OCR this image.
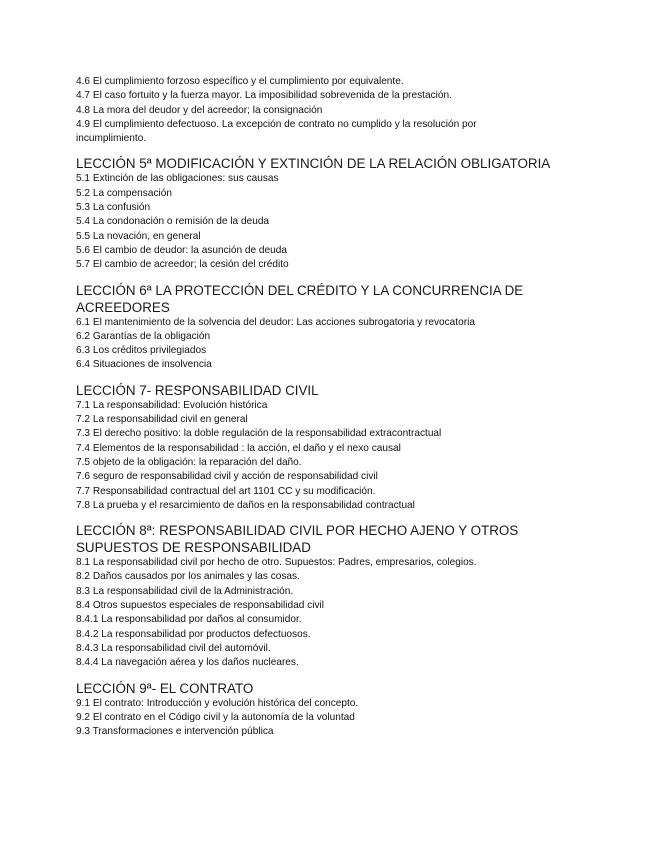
4.6 El cumplimiento forzoso específico y el cumplimiento por equivalente.
4.7 El caso fortuito y la fuerza mayor. La imposibilidad sobrevenida de la prestación.
4.8 La mora del deudor y del acreedor; la consignación
4.9 El cumplimiento defectuoso. La excepción de contrato no cumplido y la resolución por incumplimiento.
LECCIÓN 5ª MODIFICACIÓN Y EXTINCIÓN DE LA RELACIÓN OBLIGATORIA
5.1 Extinción de las obligaciones: sus causas
5.2 La compensación
5.3 La confusión
5.4 La condonación o remisión de la deuda
5.5 La novación, en general
5.6 El cambio de deudor: la asunción de deuda
5.7 El cambio de acreedor; la cesión del crédito
LECCIÓN 6ª LA PROTECCIÓN DEL CRÉDITO Y LA CONCURRENCIA DE ACREEDORES
6.1 El mantenimiento de la solvencia del deudor: Las acciones subrogatoria y revocatoria
6.2 Garantías de la obligación
6.3 Los créditos privilegiados
6.4 Situaciones de insolvencia
LECCIÓN 7- RESPONSABILIDAD CIVIL
7.1 La responsabilidad: Evolución histórica
7.2 La responsabilidad civil en general
7.3 El derecho positivo: la doble regulación de la responsabilidad extracontractual
7.4 Elementos de la responsabilidad : la acción, el daño y el nexo causal
7.5 objeto de la obligación: la reparación del daño.
7.6 seguro de responsabilidad civil y acción de responsabilidad civil
7.7 Responsabilidad contractual del art 1101 CC y su modificación.
7.8 La prueba y el resarcimiento de daños en la responsabilidad contractual
LECCIÓN 8ª: RESPONSABILIDAD CIVIL POR HECHO AJENO Y OTROS SUPUESTOS DE RESPONSABILIDAD
8.1 La responsabilidad civil por hecho de otro. Supuestos: Padres, empresarios, colegios.
8.2 Daños causados por los animales y las cosas.
8.3 La responsabilidad civil de la Administración.
8.4 Otros supuestos especiales de responsabilidad civil
8.4.1 La responsabilidad por daños al consumidor.
8.4.2 La responsabilidad por productos defectuosos.
8.4.3 La responsabilidad civil del automóvil.
8.4.4 La navegación aérea y los daños nucleares.
LECCIÓN 9ª- EL CONTRATO
9.1 El contrato: Introducción y evolución histórica del concepto.
9.2 El contrato en el Código civil y la autonomía de la voluntad
9.3 Transformaciones e intervención pública
